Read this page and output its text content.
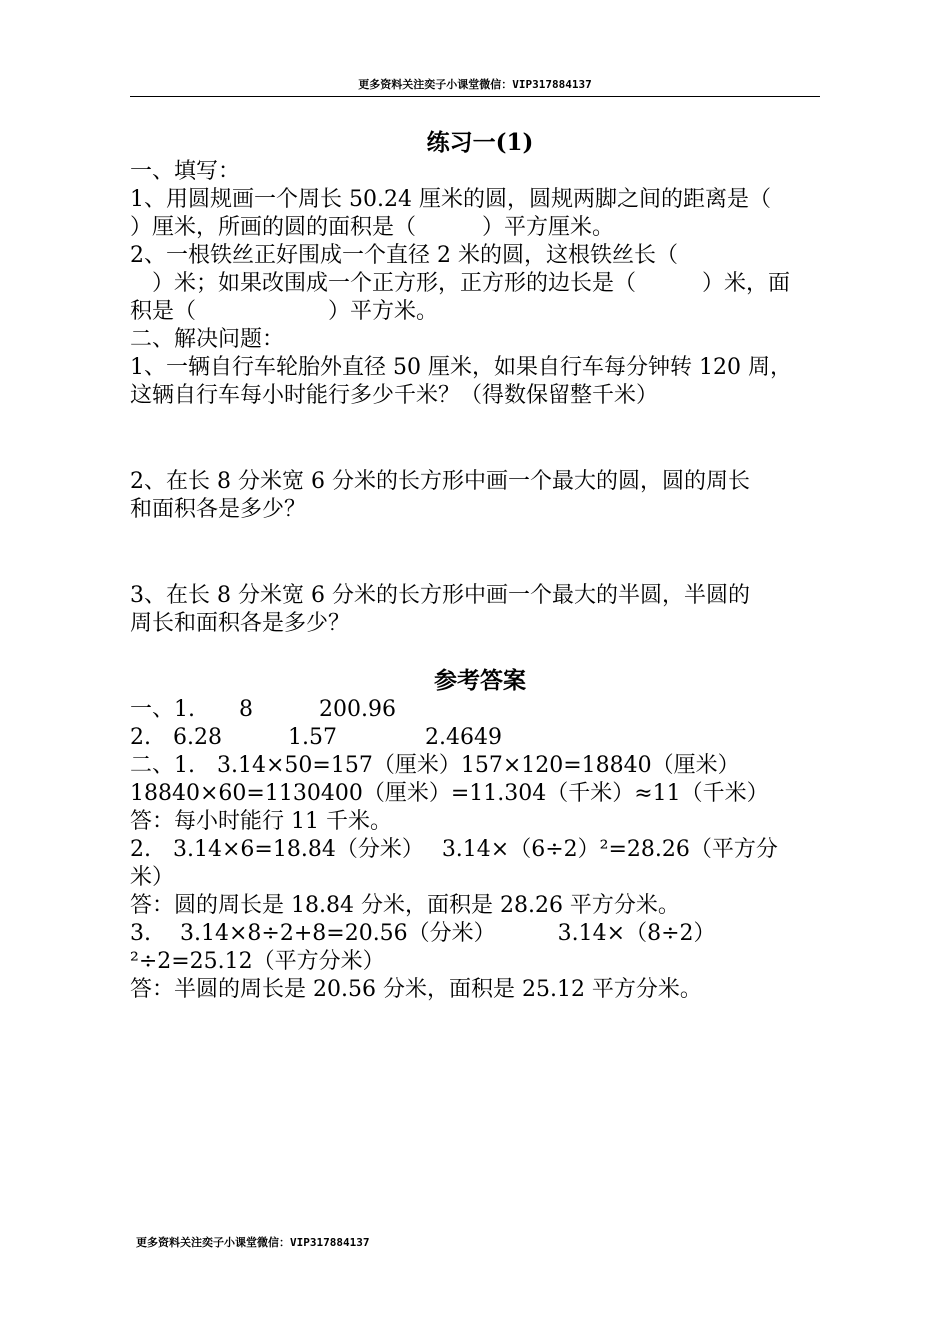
更多资料关注奕子小课堂微信：VIP317884137
练习一(1)
一、填写：
1、用圆规画一个周长 50.24 厘米的圆，圆规两脚之间的距离是（
）厘米，所画的圆的面积是（　　　）平方厘米。
2、一根铁丝正好围成一个直径 2 米的圆，这根铁丝长（
　）米；如果改围成一个正方形，正方形的边长是（　　　）米，面
积是（　　　　　　）平方米。
二、解决问题：
1、一辆自行车轮胎外直径 50 厘米，如果自行车每分钟转 120 周，
这辆自行车每小时能行多少千米？（得数保留整千米）
2、在长 8 分米宽 6 分米的长方形中画一个最大的圆，圆的周长
和面积各是多少？
3、在长 8 分米宽 6 分米的长方形中画一个最大的半圆，半圆的
周长和面积各是多少？
参考答案
一、1.　　8　　　200.96
2.　6.28　　　1.57　　　　2.4649
二、1.　3.14×50=157（厘米）157×120=18840（厘米）
18840×60=1130400（厘米）=11.304（千米）≈11（千米）
答：每小时能行 11 千米。
2.　3.14×6=18.84（分米）　 3.14×（6÷2）²=28.26（平方分
米）
答：圆的周长是 18.84 分米，面积是 28.26 平方分米。
3.　 3.14×8÷2+8=20.56（分米）　　　 3.14×（8÷2）
²÷2=25.12（平方分米）
答：半圆的周长是 20.56 分米，面积是 25.12 平方分米。
更多资料关注奕子小课堂微信：VIP317884137
